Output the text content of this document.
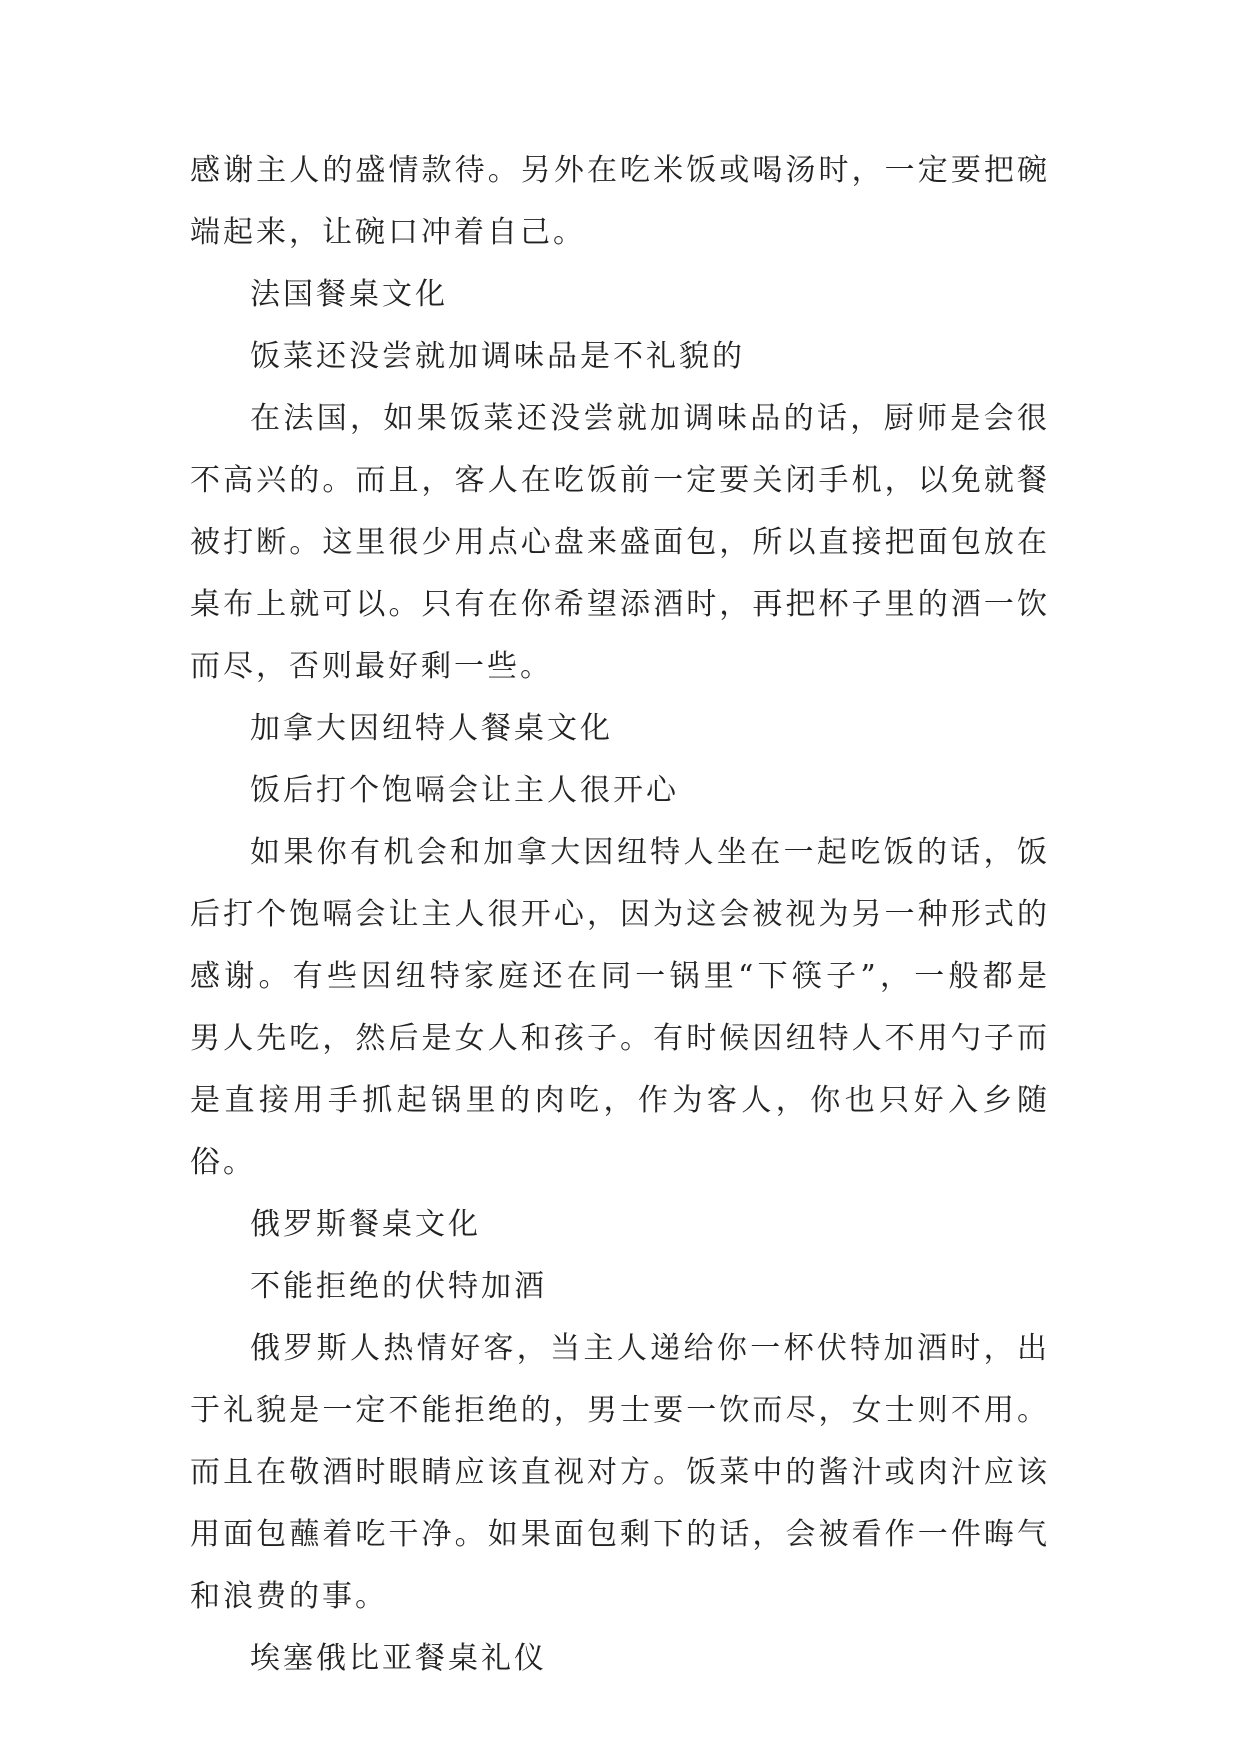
感谢主人的盛情款待。另外在吃米饭或喝汤时，一定要把碗端起来，让碗口冲着自己。

法国餐桌文化

饭菜还没尝就加调味品是不礼貌的

在法国，如果饭菜还没尝就加调味品的话，厨师是会很不高兴的。而且，客人在吃饭前一定要关闭手机，以免就餐被打断。这里很少用点心盘来盛面包，所以直接把面包放在桌布上就可以。只有在你希望添酒时，再把杯子里的酒一饮而尽，否则最好剩一些。

加拿大因纽特人餐桌文化

饭后打个饱嗝会让主人很开心

如果你有机会和加拿大因纽特人坐在一起吃饭的话，饭后打个饱嗝会让主人很开心，因为这会被视为另一种形式的感谢。有些因纽特家庭还在同一锅里“下筷子”，一般都是男人先吃，然后是女人和孩子。有时候因纽特人不用勺子而是直接用手抓起锅里的肉吃，作为客人，你也只好入乡随俗。

俄罗斯餐桌文化

不能拒绝的伏特加酒

俄罗斯人热情好客，当主人递给你一杯伏特加酒时，出于礼貌是一定不能拒绝的，男士要一饮而尽，女士则不用。而且在敬酒时眼睛应该直视对方。饭菜中的酱汁或肉汁应该用面包蘸着吃干净。如果面包剩下的话，会被看作一件晦气和浪费的事。

埃塞俄比亚餐桌礼仪
